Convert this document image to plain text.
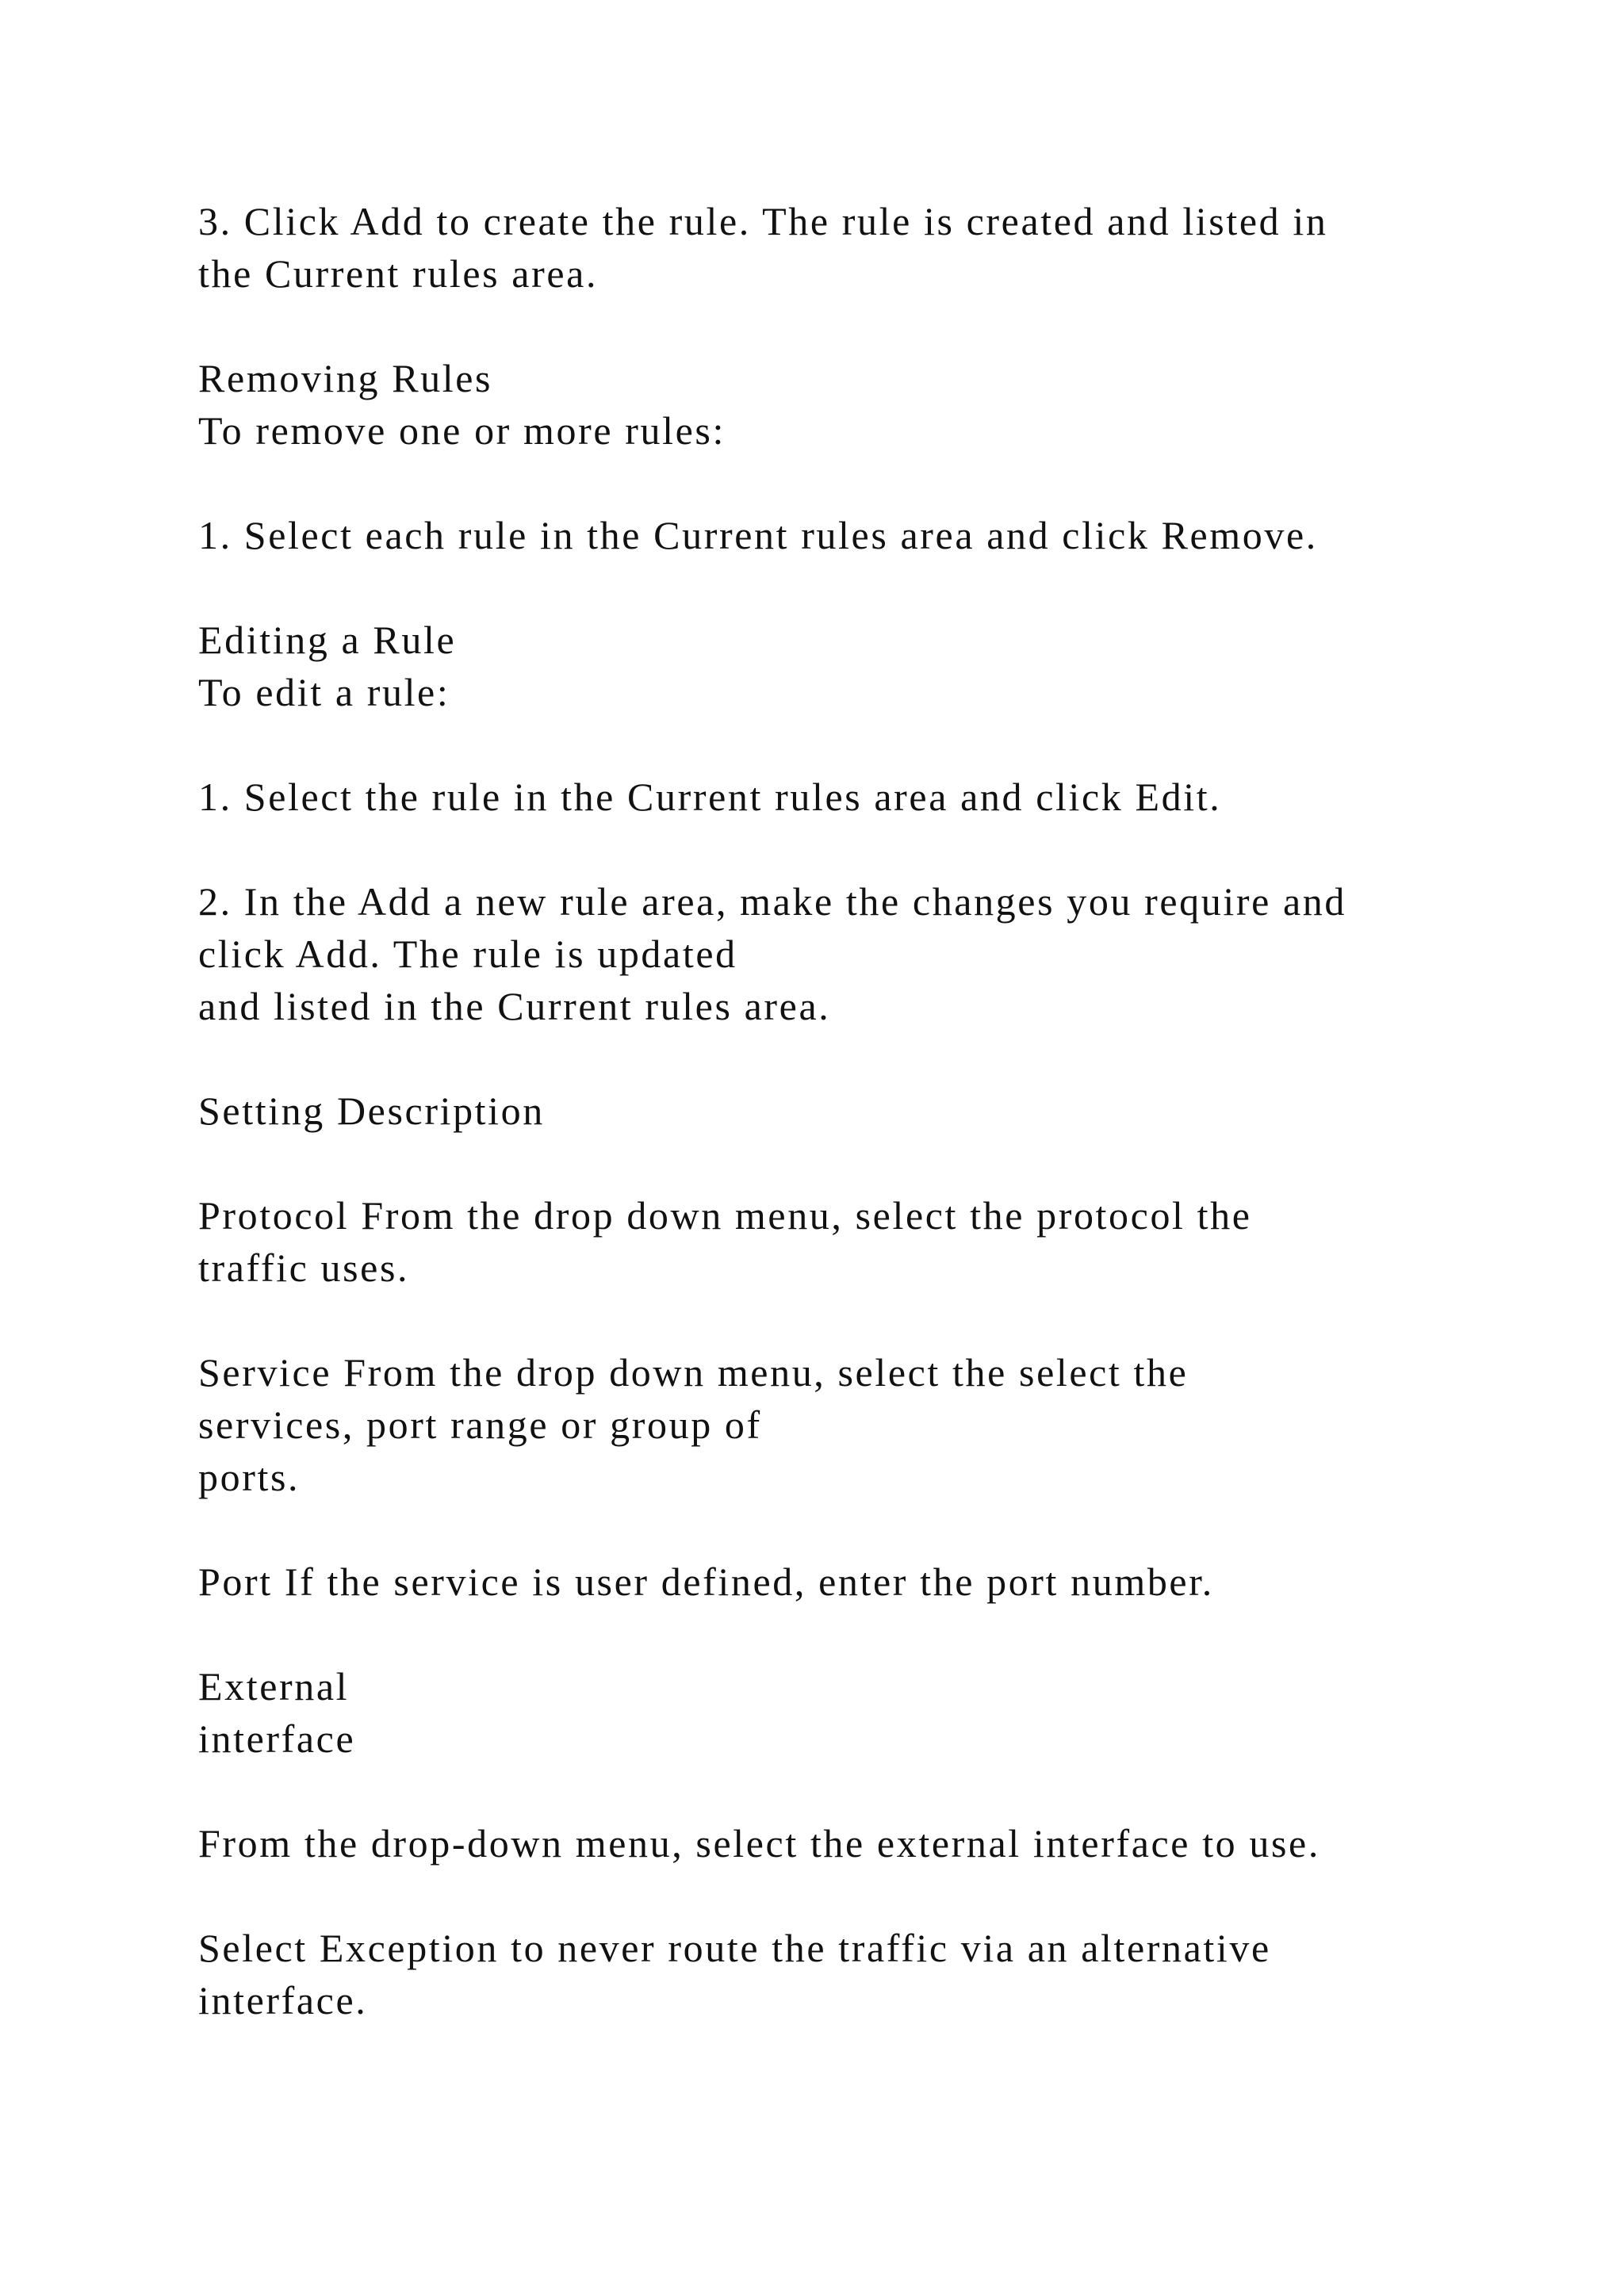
3. Click Add to create the rule. The rule is created and listed in
the Current rules area.
Removing Rules
To remove one or more rules:
1. Select each rule in the Current rules area and click Remove.
Editing a Rule
To edit a rule:
1. Select the rule in the Current rules area and click Edit.
2. In the Add a new rule area, make the changes you require and
click Add. The rule is updated
and listed in the Current rules area.
Setting Description
Protocol From the drop down menu, select the protocol the
traffic uses.
Service From the drop down menu, select the select the
services, port range or group of
ports.
Port If the service is user defined, enter the port number.
External
interface
From the drop-down menu, select the external interface to use.
Select Exception to never route the traffic via an alternative
interface.
